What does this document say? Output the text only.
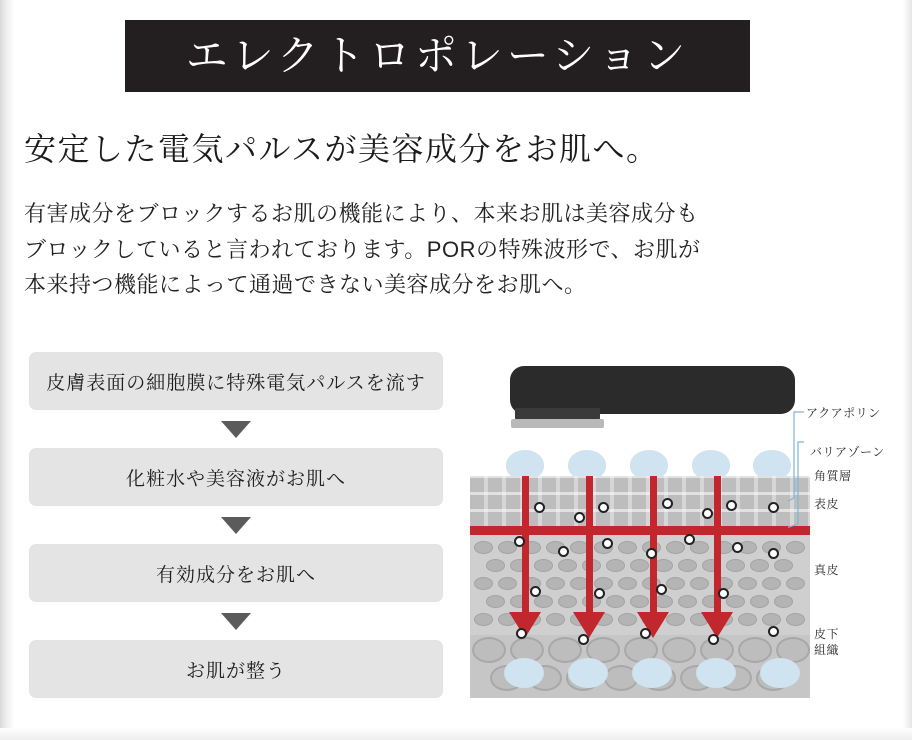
エレクトロポレーション
安定した電気パルスが美容成分をお肌へ。
有害成分をブロックするお肌の機能により、本来お肌は美容成分も
ブロックしていると言われております。PORの特殊波形で、お肌が
本来持つ機能によって通過できない美容成分をお肌へ。
皮膚表面の細胞膜に特殊電気パルスを流す
化粧水や美容液がお肌へ
有効成分をお肌へ
お肌が整う
アクアポリン
バリアゾーン
角質層
表皮
真皮
皮下
組織
